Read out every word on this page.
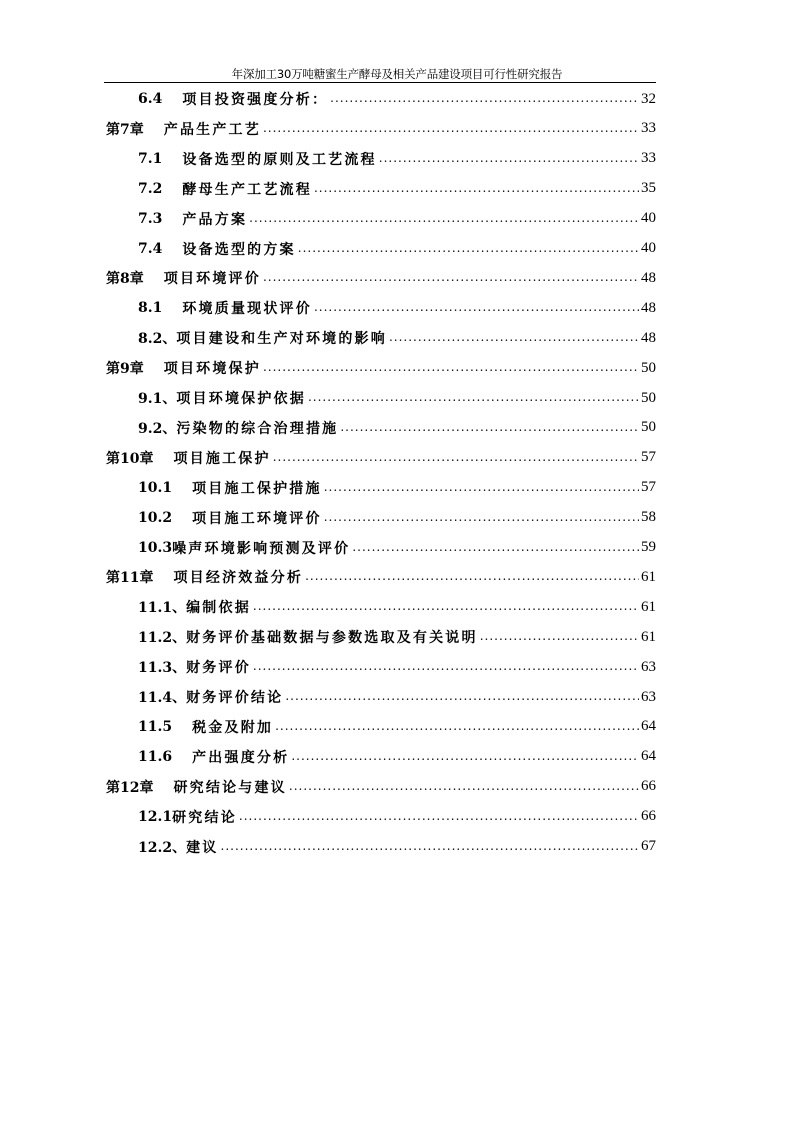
年深加工30万吨糖蜜生产酵母及相关产品建设项目可行性研究报告
6.4 项目投资强度分析： .....	32
第7章 产品生产工艺 .....	33
7.1 设备选型的原则及工艺流程 .....	33
7.2 酵母生产工艺流程 .....	35
7.3 产品方案 .....	40
7.4 设备选型的方案 .....	40
第8章 项目环境评价 .....	48
8.1 环境质量现状评价 .....	48
8.2、 项目建设和生产对环境的影响 .....	48
第9章 项目环境保护 .....	50
9.1、 项目环境保护依据 .....	50
9.2、 污染物的综合治理措施 .....	50
第10章 项目施工保护 .....	57
10.1 项目施工保护措施 .....	57
10.2 项目施工环境评价 .....	58
10.3 噪声环境影响预测及评价 .....	59
第11章 项目经济效益分析 .....	61
11.1、 编制依据 .....	61
11.2、 财务评价基础数据与参数选取及有关说明 .....	61
11.3、 财务评价 .....	63
11.4、 财务评价结论 .....	63
11.5 税金及附加 .....	64
11.6 产出强度分析 .....	64
第12章 研究结论与建议 .....	66
12.1 研究结论 .....	66
12.2、 建议 .....	67
